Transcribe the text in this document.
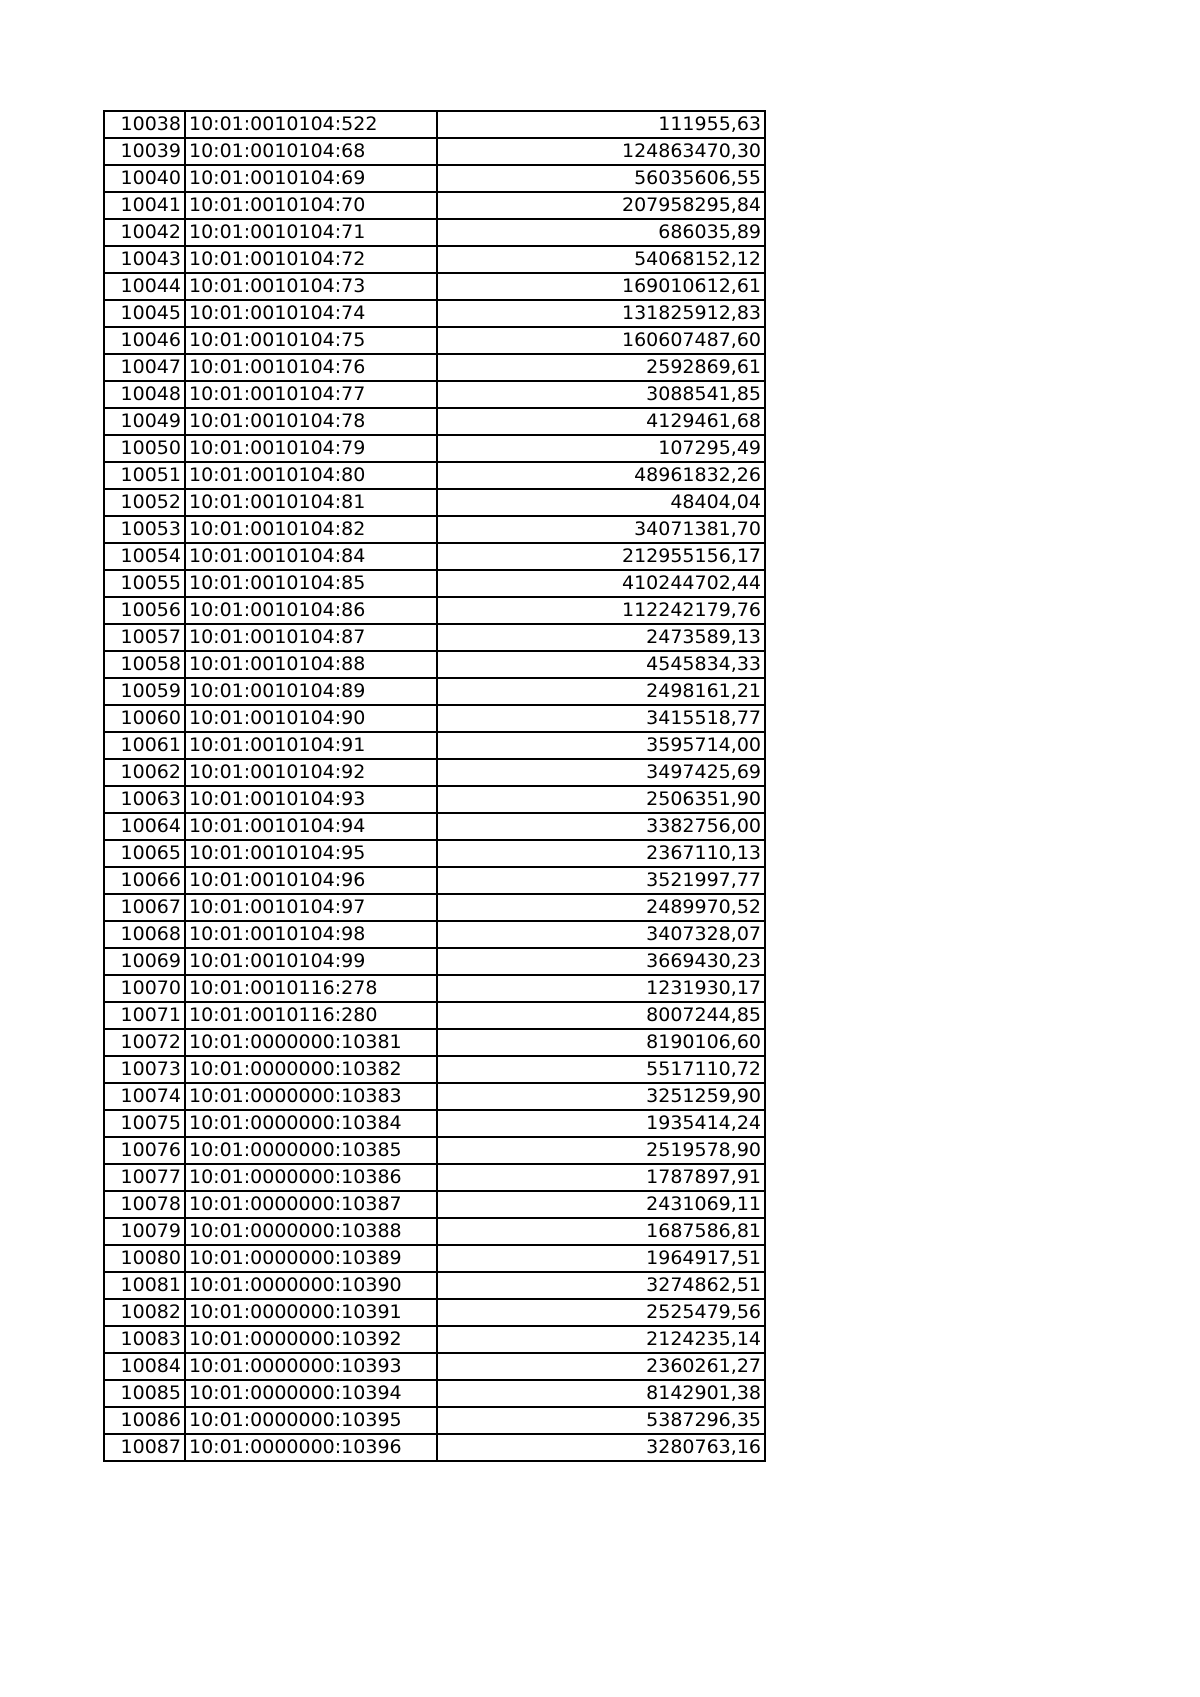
10038	10:01:0010104:522	111955,63
10039	10:01:0010104:68	124863470,30
10040	10:01:0010104:69	56035606,55
10041	10:01:0010104:70	207958295,84
10042	10:01:0010104:71	686035,89
10043	10:01:0010104:72	54068152,12
10044	10:01:0010104:73	169010612,61
10045	10:01:0010104:74	131825912,83
10046	10:01:0010104:75	160607487,60
10047	10:01:0010104:76	2592869,61
10048	10:01:0010104:77	3088541,85
10049	10:01:0010104:78	4129461,68
10050	10:01:0010104:79	107295,49
10051	10:01:0010104:80	48961832,26
10052	10:01:0010104:81	48404,04
10053	10:01:0010104:82	34071381,70
10054	10:01:0010104:84	212955156,17
10055	10:01:0010104:85	410244702,44
10056	10:01:0010104:86	112242179,76
10057	10:01:0010104:87	2473589,13
10058	10:01:0010104:88	4545834,33
10059	10:01:0010104:89	2498161,21
10060	10:01:0010104:90	3415518,77
10061	10:01:0010104:91	3595714,00
10062	10:01:0010104:92	3497425,69
10063	10:01:0010104:93	2506351,90
10064	10:01:0010104:94	3382756,00
10065	10:01:0010104:95	2367110,13
10066	10:01:0010104:96	3521997,77
10067	10:01:0010104:97	2489970,52
10068	10:01:0010104:98	3407328,07
10069	10:01:0010104:99	3669430,23
10070	10:01:0010116:278	1231930,17
10071	10:01:0010116:280	8007244,85
10072	10:01:0000000:10381	8190106,60
10073	10:01:0000000:10382	5517110,72
10074	10:01:0000000:10383	3251259,90
10075	10:01:0000000:10384	1935414,24
10076	10:01:0000000:10385	2519578,90
10077	10:01:0000000:10386	1787897,91
10078	10:01:0000000:10387	2431069,11
10079	10:01:0000000:10388	1687586,81
10080	10:01:0000000:10389	1964917,51
10081	10:01:0000000:10390	3274862,51
10082	10:01:0000000:10391	2525479,56
10083	10:01:0000000:10392	2124235,14
10084	10:01:0000000:10393	2360261,27
10085	10:01:0000000:10394	8142901,38
10086	10:01:0000000:10395	5387296,35
10087	10:01:0000000:10396	3280763,16
